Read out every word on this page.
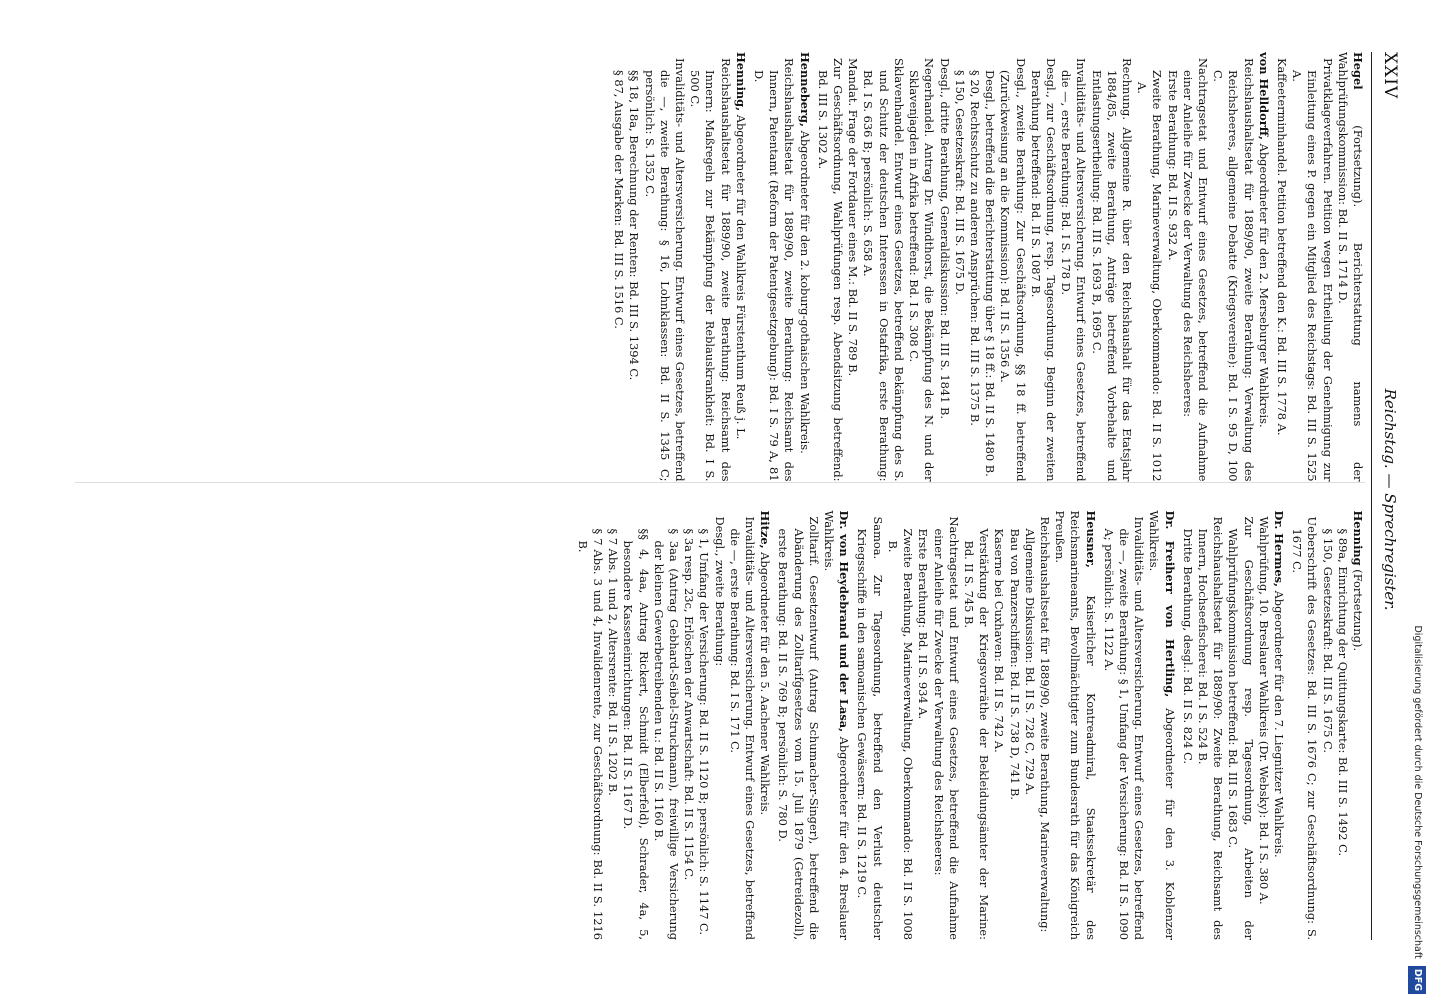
XXIV
Reichstag. — Sprechregister.
Hegel (Fortsetzung). Berichterstattung namens der Wahlprüfungskommission: Bd. II S. 1714 D.
Privatklageverfahren. Petition wegen Ertheilung der Genehmigung zur Einleitung eines P. gegen ein Mitglied des Reichstags: Bd. III S. 1525 A.
Kaffeeterminhandel. Petition betreffend den K.: Bd. III S. 1778 A.
von Helldorff, Abgeordneter für den 2. Merseburger Wahlkreis.
Reichshaushaltsetat für 1889/90, zweite Berathung: Verwaltung des Reichsheeres, allgemeine Debatte (Kriegsvereine): Bd. I S. 95 D, 100 C.
Nachtragsetat und Entwurf eines Gesetzes, betreffend die Aufnahme einer Anleihe für Zwecke der Verwaltung des Reichsheeres:
Erste Berathung: Bd. II S. 932 A.
Zweite Berathung, Marineverwaltung, Oberkommando: Bd. II S. 1012 A.
Rechnung. Allgemeine R. über den Reichshaushalt für das Etatsjahr 1884/85, zweite Berathung, Anträge betreffend Vorbehalte und Entlastungsertheilung: Bd. III S. 1693 B, 1695 C.
Invaliditäts- und Altersversicherung. Entwurf eines Gesetzes, betreffend die —, erste Berathung: Bd. I S. 178 D.
Desgl., zur Geschäftsordnung, resp. Tagesordnung. Beginn der zweiten Berathung betreffend: Bd. II S. 1087 B.
Desgl., zweite Berathung: Zur Geschäftsordnung, §§ 18 ff. betreffend (Zurückweisung an die Kommission): Bd. II S. 1356 A.
Desgl., betreffend die Berichterstattung über § 18 ff.: Bd. II S. 1480 B.
§ 20, Rechtsschutz zu anderen Ansprüchen: Bd. III S. 1375 B.
§ 150, Gesetzeskraft: Bd. III S. 1675 D.
Desgl., dritte Berathung, Generaldiskussion: Bd. III S. 1841 B.
Negerhandel. Antrag Dr. Windthorst, die Bekämpfung des N. und der Sklavenjagden in Afrika betreffend: Bd. I S. 308 C.
Sklavenhandel. Entwurf eines Gesetzes, betreffend Bekämpfung des S. und Schutz der deutschen Interessen in Ostafrika, erste Berathung: Bd. I S. 636 B; persönlich: S. 658 A.
Mandat. Frage der Fortdauer eines M.: Bd. II S. 789 B.
Zur Geschäftsordnung, Wahlprüfungen resp. Abendsitzung betreffend: Bd. III S. 1302 A.
Henneberg, Abgeordneter für den 2. koburg-gothaischen Wahlkreis.
Reichshaushaltsetat für 1889/90, zweite Berathung: Reichsamt des Innern, Patentamt (Reform der Patentgesetzgebung): Bd. I S. 79 A, 81 D.
Henning, Abgeordneter für den Wahlkreis Fürstenthum Reuß j. L.
Reichshaushaltsetat für 1889/90, zweite Berathung: Reichsamt des Innern: Maßregeln zur Bekämpfung der Reblauskrankheit: Bd. I S. 500 C.
Invaliditäts- und Altersversicherung. Entwurf eines Gesetzes, betreffend die —, zweite Berathung: § 16, Lohnklassen: Bd. II S. 1345 C; persönlich: S. 1352 C.
§§ 18, 18a, Berechnung der Renten: Bd. III S. 1394 C.
§ 87, Ausgabe der Marken: Bd. III S. 1516 C.
Henning (Fortsetzung).
§ 89a, Einrichtung der Quittungskarte: Bd. III S. 1492 C.
§ 150, Gesetzeskraft: Bd. III S. 1675 C.
Ueberschrift des Gesetzes: Bd. III S. 1676 C; zur Geschäftsordnung: S. 1677 C.
Dr. Hermes, Abgeordneter für den 7. Liegnitzer Wahlkreis.
Wahlprüfung, 10. Breslauer Wahlkreis (Dr. Websky): Bd. I S. 380 A.
Zur Geschäftsordnung resp. Tagesordnung, Arbeiten der Wahlprüfungskommission betreffend: Bd. III S. 1683 C.
Reichshaushaltsetat für 1889/90: Zweite Berathung, Reichsamt des Innern, Hochseefischerei: Bd. I S. 524 B.
Dritte Berathung, desgl.: Bd. II S. 824 C.
Dr. Freiherr von Hertling, Abgeordneter für den 3. Koblenzer Wahlkreis.
Invaliditäts- und Altersversicherung. Entwurf eines Gesetzes, betreffend die —, zweite Berathung: § 1, Umfang der Versicherung: Bd. II S. 1090 A; persönlich: S. 1122 A.
Heusner, Kaiserlicher Kontreadmiral, Staatssekretär des Reichsmarineamts, Bevollmächtigter zum Bundesrath für das Königreich Preußen.
Reichshaushaltsetat für 1889/90, zweite Berathung, Marineverwaltung:
Allgemeine Diskussion: Bd. II S. 728 C, 729 A.
Bau von Panzerschiffen: Bd. II S. 738 D, 741 B.
Kaserne bei Cuxhaven: Bd. II S. 742 A.
Verstärkung der Kriegsvorräthe der Bekleidungsämter der Marine: Bd. II S. 745 B.
Nachtragsetat und Entwurf eines Gesetzes, betreffend die Aufnahme einer Anleihe für Zwecke der Verwaltung des Reichsheeres:
Erste Berathung: Bd. II S. 934 A.
Zweite Berathung, Marineverwaltung, Oberkommando: Bd. II S. 1008 B.
Samoa. Zur Tagesordnung, betreffend den Verlust deutscher Kriegsschiffe in den samoanischen Gewässern: Bd. II S. 1219 C.
Dr. von Heydebrand und der Lasa, Abgeordneter für den 4. Breslauer Wahlkreis.
Zolltarif. Gesetzentwurf (Antrag Schumacher-Singer), betreffend die Abänderung des Zolltarifgesetzes vom 15. Juli 1879 (Getreidezoll), erste Berathung: Bd. II S. 769 B; persönlich: S. 780 D.
Hitze, Abgeordneter für den 5. Aachener Wahlkreis.
Invaliditäts- und Altersversicherung. Entwurf eines Gesetzes, betreffend die —, erste Berathung: Bd. I S. 171 C.
Desgl., zweite Berathung:
§ 1, Umfang der Versicherung: Bd. II S. 1120 B; persönlich: S. 1147 C.
§ 3a resp. 23c, Erlöschen der Anwartschaft: Bd. II S. 1154 C.
§ 3aa (Antrag Gebhard-Seibel-Struckmann), freiwillige Versicherung der kleinen Gewerbetreibenden u.: Bd. II S. 1160 B.
§§ 4, 4aa, Antrag Rickert, Schmidt (Elberfeld), Schrader, 4a, 5, besondere Kasseneinrichtungen: Bd. II S. 1167 D.
§ 7 Abs. 1 und 2, Altersrente: Bd. II S. 1202 B.
§ 7 Abs. 3 und 4, Invalidenrente, zur Geschäftsordnung: Bd. II S. 1216 B.
Digitalisierung gefördert durch die Deutsche Forschungsgemeinschaft DFG
